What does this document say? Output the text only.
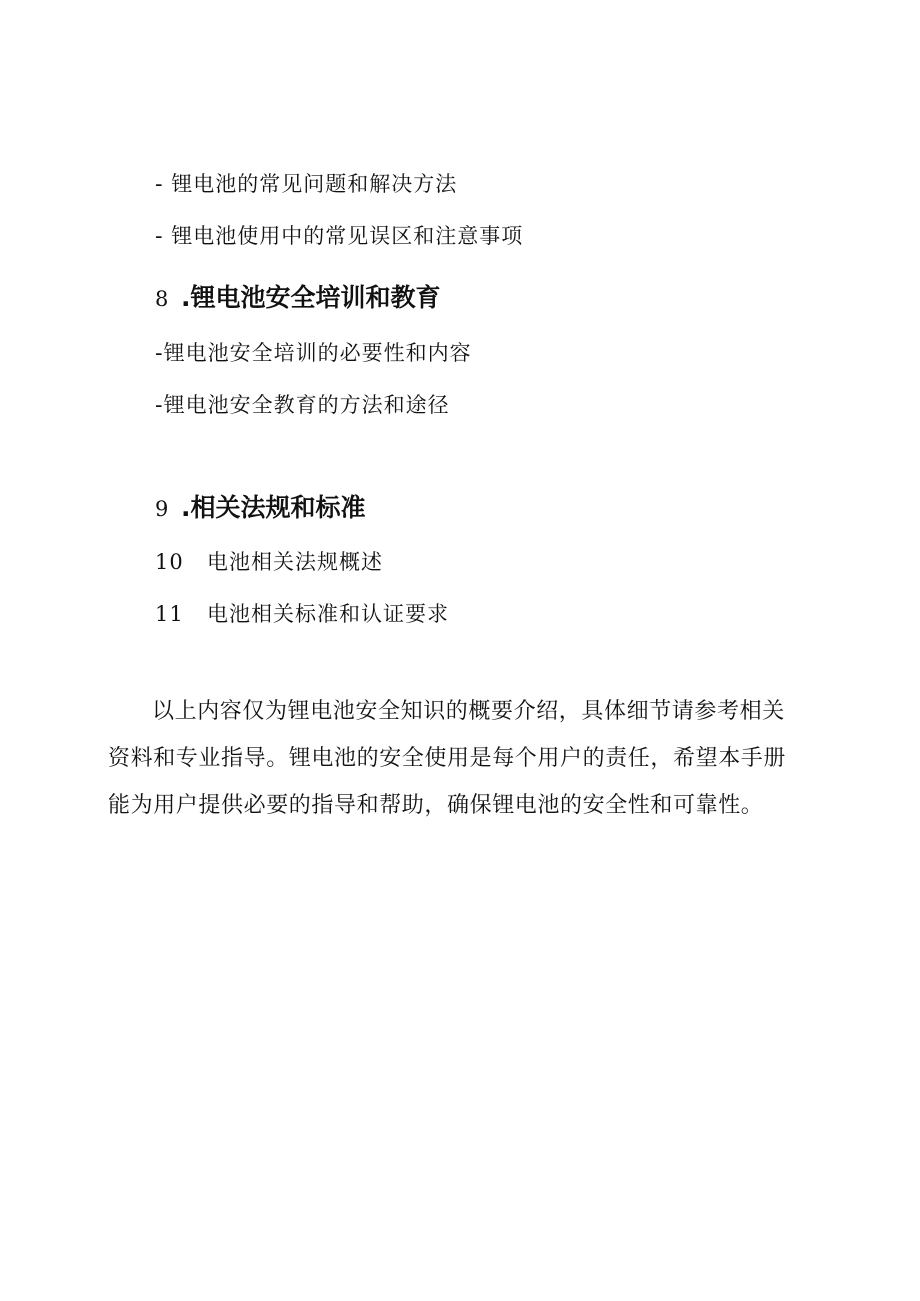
- 锂电池的常见问题和解决方法
- 锂电池使用中的常见误区和注意事项
8 .锂电池安全培训和教育
-锂电池安全培训的必要性和内容
-锂电池安全教育的方法和途径
9 .相关法规和标准
10 电池相关法规概述
11 电池相关标准和认证要求
以上内容仅为锂电池安全知识的概要介绍，具体细节请参考相关
资料和专业指导。锂电池的安全使用是每个用户的责任，希望本手册
能为用户提供必要的指导和帮助，确保锂电池的安全性和可靠性。
